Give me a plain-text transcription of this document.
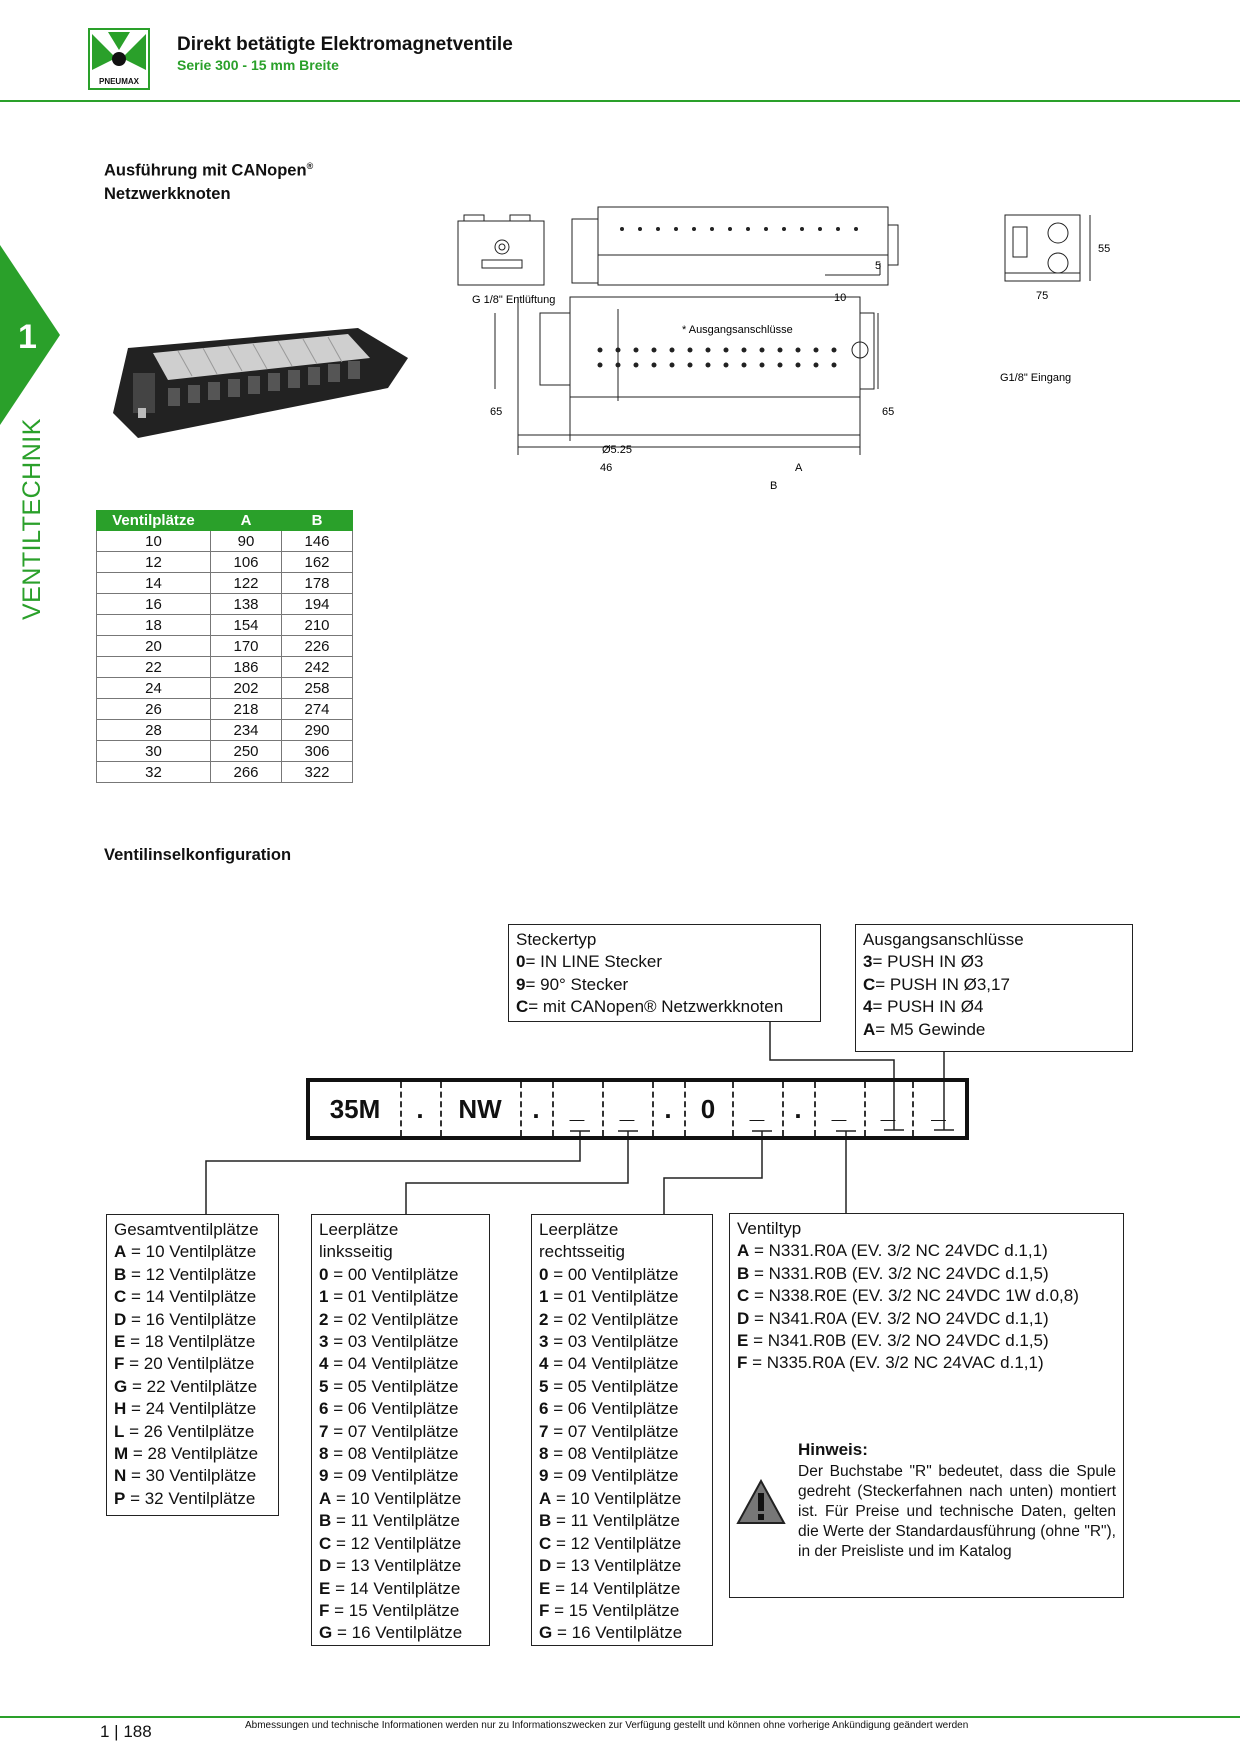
PNEUMAX
Direkt betätigte Elektromagnetventile
Serie 300 - 15 mm Breite
1
VENTILTECHNIK
Ausführung mit CANopen®
Netzwerkknoten
G 1/8" Entlüftung
* Ausgangsanschlüsse
G1/8" Eingang
5
10
55
75
65	65
Ø5.25
46	A
B
Ventilplätze	A	B
10	90	146
12	106	162
14	122	178
16	138	194
18	154	210
20	170	226
22	186	242
24	202	258
26	218	274
28	234	290
30	250	306
32	266	322
Ventilinselkonfiguration
Steckertyp
0= IN LINE Stecker
9= 90° Stecker
C= mit CANopen® Netzwerkknoten
Ausgangsanschlüsse
3= PUSH IN Ø3
C= PUSH IN Ø3,17
4= PUSH IN Ø4
A= M5 Gewinde
35M	.	NW	.	_	_	.	0	_	.	_	_	_
Gesamtventilplätze
A = 10 Ventilplätze
B = 12 Ventilplätze
C = 14 Ventilplätze
D = 16 Ventilplätze
E = 18 Ventilplätze
F = 20 Ventilplätze
G = 22 Ventilplätze
H = 24 Ventilplätze
L = 26 Ventilplätze
M = 28 Ventilplätze
N = 30 Ventilplätze
P = 32 Ventilplätze
Leerplätze
linksseitig
0 = 00 Ventilplätze
1 = 01 Ventilplätze
2 = 02 Ventilplätze
3 = 03 Ventilplätze
4 = 04 Ventilplätze
5 = 05 Ventilplätze
6 = 06 Ventilplätze
7 = 07 Ventilplätze
8 = 08 Ventilplätze
9 = 09 Ventilplätze
A = 10 Ventilplätze
B = 11 Ventilplätze
C = 12 Ventilplätze
D = 13 Ventilplätze
E = 14 Ventilplätze
F = 15 Ventilplätze
G = 16 Ventilplätze
Leerplätze
rechtsseitig
0 = 00 Ventilplätze
1 = 01 Ventilplätze
2 = 02 Ventilplätze
3 = 03 Ventilplätze
4 = 04 Ventilplätze
5 = 05 Ventilplätze
6 = 06 Ventilplätze
7 = 07 Ventilplätze
8 = 08 Ventilplätze
9 = 09 Ventilplätze
A = 10 Ventilplätze
B = 11 Ventilplätze
C = 12 Ventilplätze
D = 13 Ventilplätze
E = 14 Ventilplätze
F = 15 Ventilplätze
G = 16 Ventilplätze
Ventiltyp
A = N331.R0A (EV. 3/2 NC 24VDC d.1,1)
B = N331.R0B (EV. 3/2 NC 24VDC d.1,5)
C = N338.R0E (EV. 3/2 NC 24VDC 1W d.0,8)
D = N341.R0A (EV. 3/2 NO 24VDC d.1,1)
E = N341.R0B (EV. 3/2 NO 24VDC d.1,5)
F = N335.R0A (EV. 3/2 NC 24VAC d.1,1)
Hinweis:
Der Buchstabe "R" bedeutet, dass die Spule gedreht (Steckerfahnen nach unten) montiert ist. Für Preise und technische Daten, gelten die Werte der Standardausführung (ohne "R"), in der Preisliste und im Katalog
1 | 188	Abmessungen und technische Informationen werden nur zu Informationszwecken zur Verfügung gestellt und können ohne vorherige Ankündigung geändert werden
